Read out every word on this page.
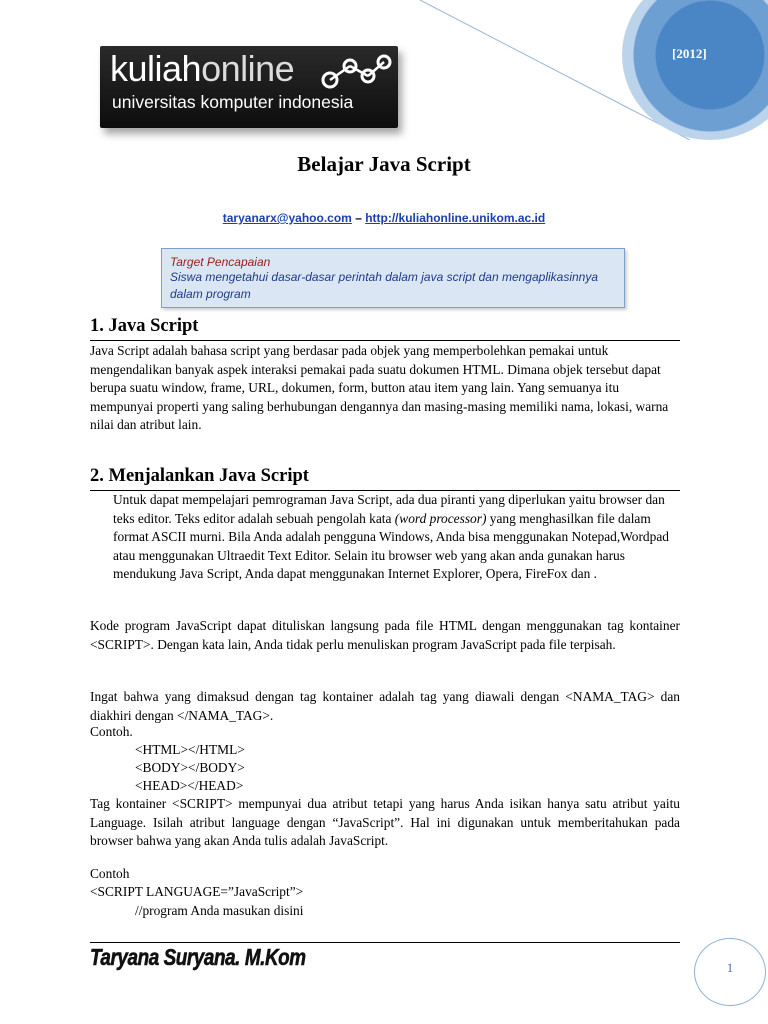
[2012]
kuliahonline
universitas komputer indonesia
Belajar Java Script
taryanarx@yahoo.com – http://kuliahonline.unikom.ac.id
Target Pencapaian
Siswa mengetahui dasar-dasar perintah dalam java script dan mengaplikasinnya dalam program
1. Java Script

Java Script adalah bahasa script yang berdasar pada objek yang memperbolehkan pemakai untuk mengendalikan banyak aspek interaksi pemakai pada suatu dokumen HTML. Dimana objek tersebut dapat berupa suatu window, frame, URL, dokumen, form, button atau item yang lain. Yang semuanya itu mempunyai properti yang saling berhubungan dengannya dan masing-masing memiliki nama, lokasi, warna nilai dan atribut lain.

2. Menjalankan Java Script

Untuk dapat mempelajari pemrograman Java Script, ada dua piranti yang diperlukan yaitu browser dan teks editor. Teks editor adalah sebuah pengolah kata (word processor) yang menghasilkan file dalam format ASCII murni. Bila Anda adalah pengguna Windows, Anda bisa menggunakan Notepad,Wordpad atau menggunakan Ultraedit Text Editor. Selain itu browser web yang akan anda gunakan harus mendukung Java Script, Anda dapat menggunakan Internet Explorer, Opera, FireFox dan .

Kode program JavaScript dapat dituliskan langsung pada file HTML dengan menggunakan tag kontainer <SCRIPT>. Dengan kata lain, Anda tidak perlu menuliskan program JavaScript pada file terpisah.

Ingat bahwa yang dimaksud dengan tag kontainer adalah tag yang diawali dengan <NAMA_TAG> dan diakhiri dengan </NAMA_TAG>.

Contoh.
<HTML></HTML>
<BODY></BODY>
<HEAD></HEAD>

Tag kontainer <SCRIPT> mempunyai dua atribut tetapi yang harus Anda isikan hanya satu atribut yaitu Language. Isilah atribut language dengan “JavaScript”. Hal ini digunakan untuk memberitahukan pada browser bahwa yang akan Anda tulis adalah JavaScript.

Contoh
<SCRIPT LANGUAGE=”JavaScript”>
//program Anda masukan disini
Taryana Suryana. M.Kom	1
